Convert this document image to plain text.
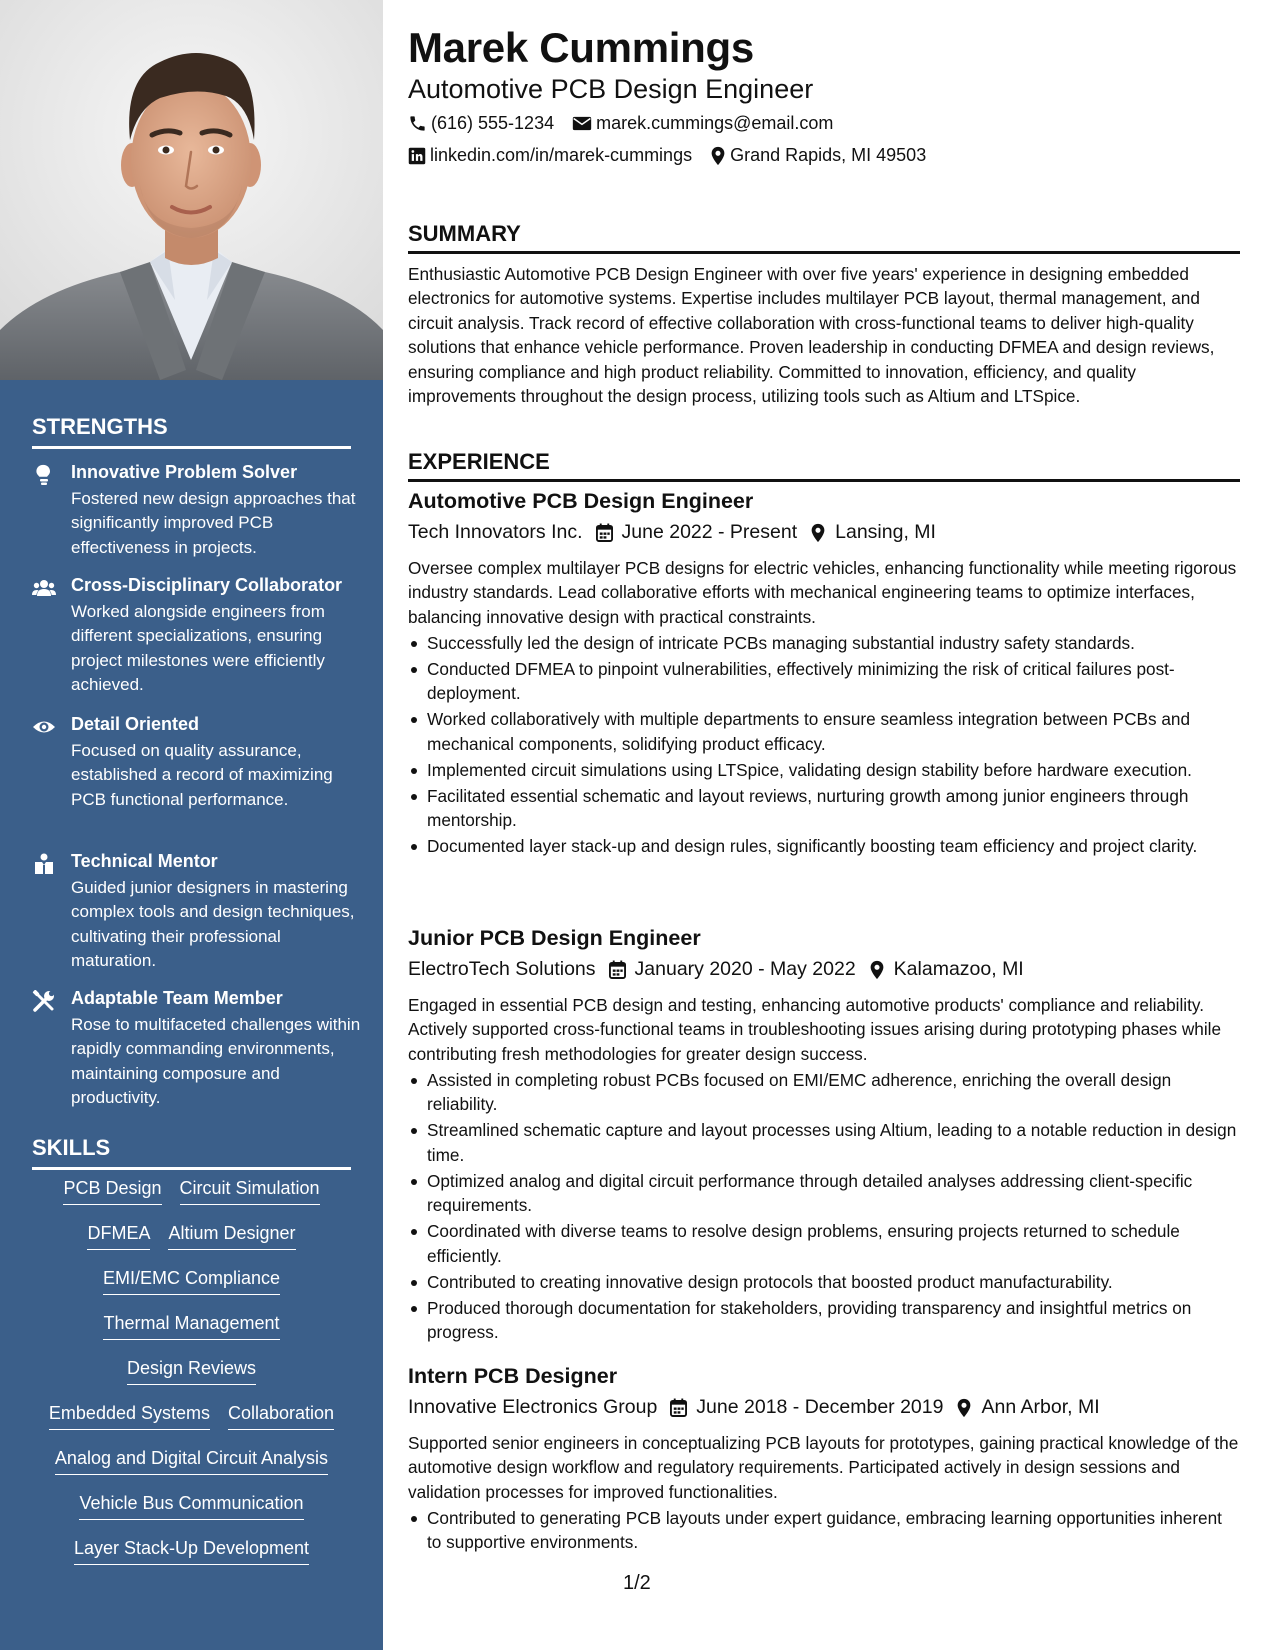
STRENGTHS
Innovative Problem Solver
Fostered new design approaches that significantly improved PCB effectiveness in projects.
Cross-Disciplinary Collaborator
Worked alongside engineers from different specializations, ensuring project milestones were efficiently achieved.
Detail Oriented
Focused on quality assurance, established a record of maximizing PCB functional performance.
Technical Mentor
Guided junior designers in mastering complex tools and design techniques, cultivating their professional maturation.
Adaptable Team Member
Rose to multifaceted challenges within rapidly commanding environments, maintaining composure and productivity.
SKILLS
PCB Design Circuit Simulation
DFMEA Altium Designer
EMI/EMC Compliance
Thermal Management
Design Reviews
Embedded Systems Collaboration
Analog and Digital Circuit Analysis
Vehicle Bus Communication
Layer Stack-Up Development
Marek Cummings
Automotive PCB Design Engineer
(616) 555-1234 marek.cummings@email.com
linkedin.com/in/marek-cummings Grand Rapids, MI 49503
SUMMARY

Enthusiastic Automotive PCB Design Engineer with over five years' experience in designing embedded electronics for automotive systems. Expertise includes multilayer PCB layout, thermal management, and circuit analysis. Track record of effective collaboration with cross-functional teams to deliver high-quality solutions that enhance vehicle performance. Proven leadership in conducting DFMEA and design reviews, ensuring compliance and high product reliability. Committed to innovation, efficiency, and quality improvements throughout the design process, utilizing tools such as Altium and LTSpice.

EXPERIENCE
Automotive PCB Design Engineer
Tech Innovators Inc. June 2022 - Present Lansing, MI

Oversee complex multilayer PCB designs for electric vehicles, enhancing functionality while meeting rigorous industry standards. Lead collaborative efforts with mechanical engineering teams to optimize interfaces, balancing innovative design with practical constraints.

Successfully led the design of intricate PCBs managing substantial industry safety standards.
Conducted DFMEA to pinpoint vulnerabilities, effectively minimizing the risk of critical failures post-deployment.
Worked collaboratively with multiple departments to ensure seamless integration between PCBs and mechanical components, solidifying product efficacy.
Implemented circuit simulations using LTSpice, validating design stability before hardware execution.
Facilitated essential schematic and layout reviews, nurturing growth among junior engineers through mentorship.
Documented layer stack-up and design rules, significantly boosting team efficiency and project clarity.
Junior PCB Design Engineer
ElectroTech Solutions January 2020 - May 2022 Kalamazoo, MI

Engaged in essential PCB design and testing, enhancing automotive products' compliance and reliability. Actively supported cross-functional teams in troubleshooting issues arising during prototyping phases while contributing fresh methodologies for greater design success.

Assisted in completing robust PCBs focused on EMI/EMC adherence, enriching the overall design reliability.
Streamlined schematic capture and layout processes using Altium, leading to a notable reduction in design time.
Optimized analog and digital circuit performance through detailed analyses addressing client-specific requirements.
Coordinated with diverse teams to resolve design problems, ensuring projects returned to schedule efficiently.
Contributed to creating innovative design protocols that boosted product manufacturability.
Produced thorough documentation for stakeholders, providing transparency and insightful metrics on progress.
Intern PCB Designer
Innovative Electronics Group June 2018 - December 2019 Ann Arbor, MI

Supported senior engineers in conceptualizing PCB layouts for prototypes, gaining practical knowledge of the automotive design workflow and regulatory requirements. Participated actively in design sessions and validation processes for improved functionalities.

Contributed to generating PCB layouts under expert guidance, embracing learning opportunities inherent to supportive environments.
1/2
